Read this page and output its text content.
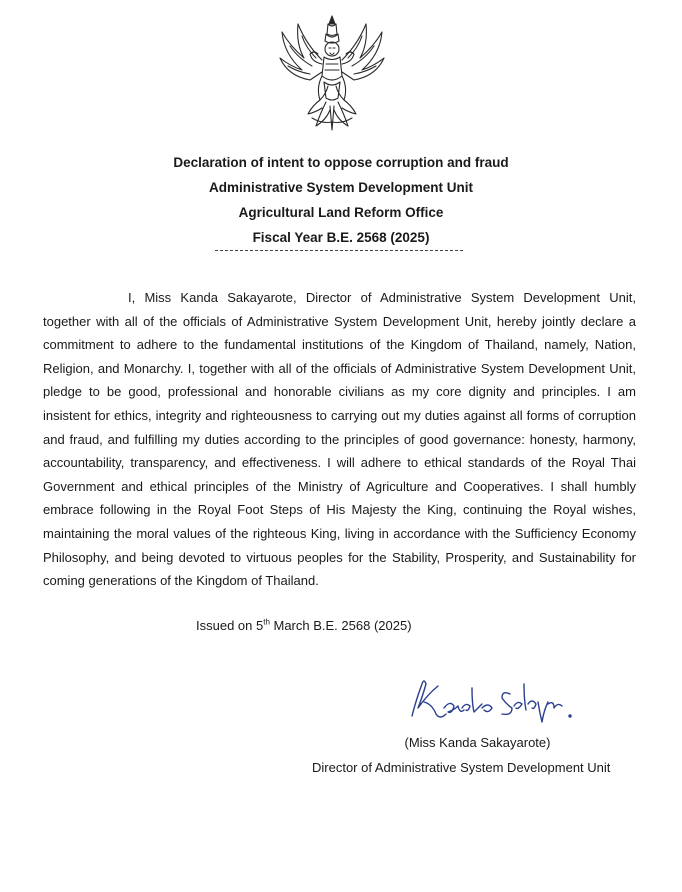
Declaration of intent to oppose corruption and fraud
Administrative System Development Unit
Agricultural Land Reform Office
Fiscal Year B.E. 2568 (2025)

I, Miss Kanda Sakayarote, Director of Administrative System Development Unit, together with all of the officials of Administrative System Development Unit, hereby jointly declare a commitment to adhere to the fundamental institutions of the Kingdom of Thailand, namely, Nation, Religion, and Monarchy. I, together with all of the officials of Administrative System Development Unit, pledge to be good, professional and honorable civilians as my core dignity and principles. I am insistent for ethics, integrity and righteousness to carrying out my duties against all forms of corruption and fraud, and fulfilling my duties according to the principles of good governance: honesty, harmony, accountability, transparency, and effectiveness. I will adhere to ethical standards of the Royal Thai Government and ethical principles of the Ministry of Agriculture and Cooperatives. I shall humbly embrace following in the Royal Foot Steps of His Majesty the King, continuing the Royal wishes, maintaining the moral values of the righteous King, living in accordance with the Sufficiency Economy Philosophy, and being devoted to virtuous peoples for the Stability, Prosperity, and Sustainability for coming generations of the Kingdom of Thailand.

Issued on 5th March B.E. 2568 (2025)
(Miss Kanda Sakayarote)
Director of Administrative System Development Unit
